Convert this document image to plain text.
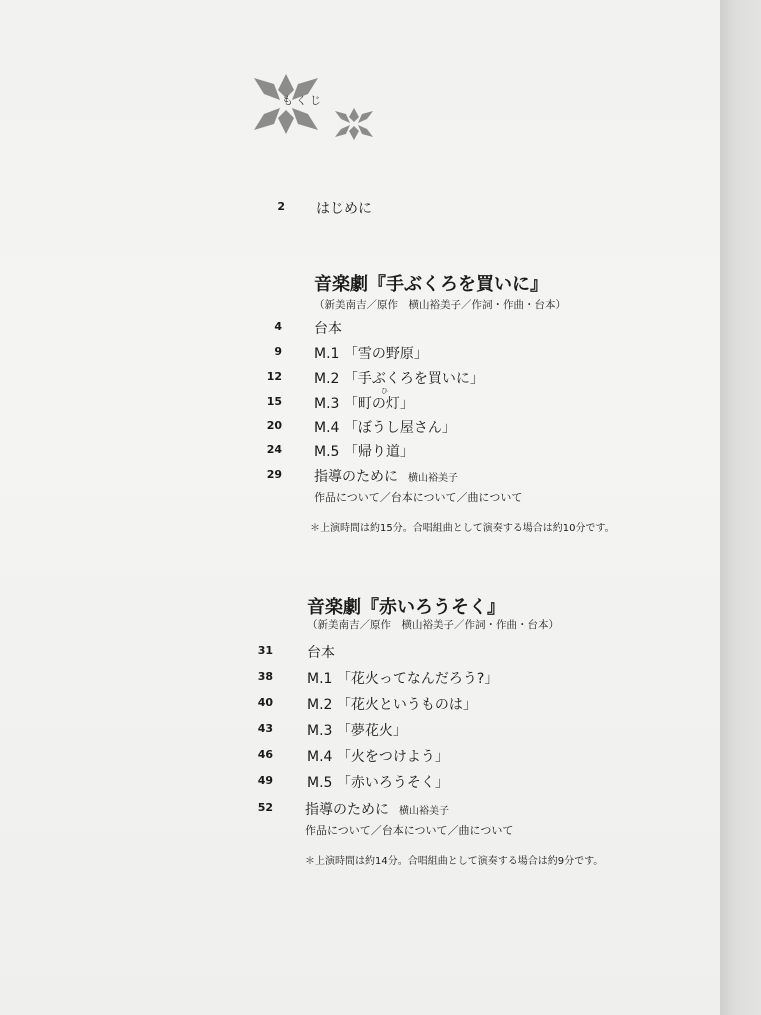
もくじ
2 はじめに
音楽劇『手ぶくろを買いに』
（新美南吉／原作　横山裕美子／作詞・作曲・台本）
4 台本
9 M.1 「雪の野原」
12 M.2 「手ぶくろを買いに」
ひ
15 M.3 「町の灯」
20 M.4 「ぼうし屋さん」
24 M.5 「帰り道」
29 指導のために 横山裕美子
作品について／台本について／曲について
＊上演時間は約15分。合唱組曲として演奏する場合は約10分です。
音楽劇『赤いろうそく』
（新美南吉／原作　横山裕美子／作詞・作曲・台本）
31 台本
38 M.1 「花火ってなんだろう?」
40 M.2 「花火というものは」
43 M.3 「夢花火」
46 M.4 「火をつけよう」
49 M.5 「赤いろうそく」
52 指導のために 横山裕美子
作品について／台本について／曲について
＊上演時間は約14分。合唱組曲として演奏する場合は約9分です。
